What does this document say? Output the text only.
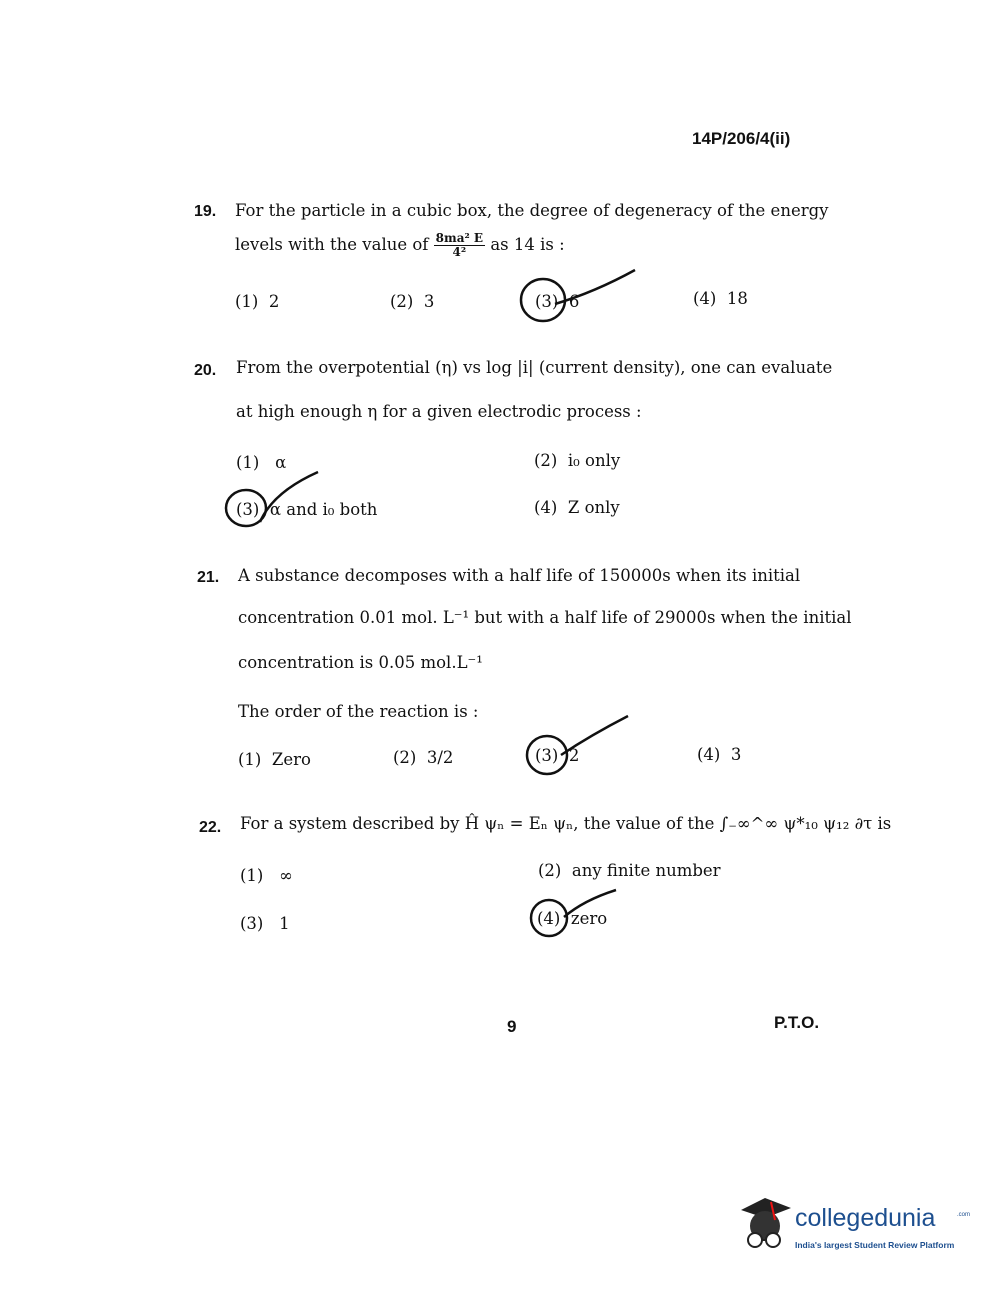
14P/206/4(ii)
19. For the particle in a cubic box, the degree of degeneracy of the energy
levels with the value of $\frac{\text{8ma² E}}{\text{4²}}$ as 14 is :
(1) 2	(2) 3	(3) 6	(4) 18
20. From the overpotential (η) vs log |i| (current density), one can evaluate
at high enough η for a given electrodic process :
(1) α	(2) i₀ only
(3) α and i₀ both	(4) Z only
21. A substance decomposes with a half life of 150000s when its initial
concentration 0.01 mol. L⁻¹ but with a half life of 29000s when the initial
concentration is 0.05 mol.L⁻¹
The order of the reaction is :
(1) Zero	(2) 3/2	(3) 2	(4) 3
22. For a system described by Ĥ ψₙ = Eₙ ψₙ, the value of the ∫₋∞^∞ ψ*₁₀ ψ₁₂ ∂τ is
(1) ∞	(2) any finite number
(3) 1	(4) zero
9	P.T.O.
collegedunia	.com
India's largest Student Review Platform
